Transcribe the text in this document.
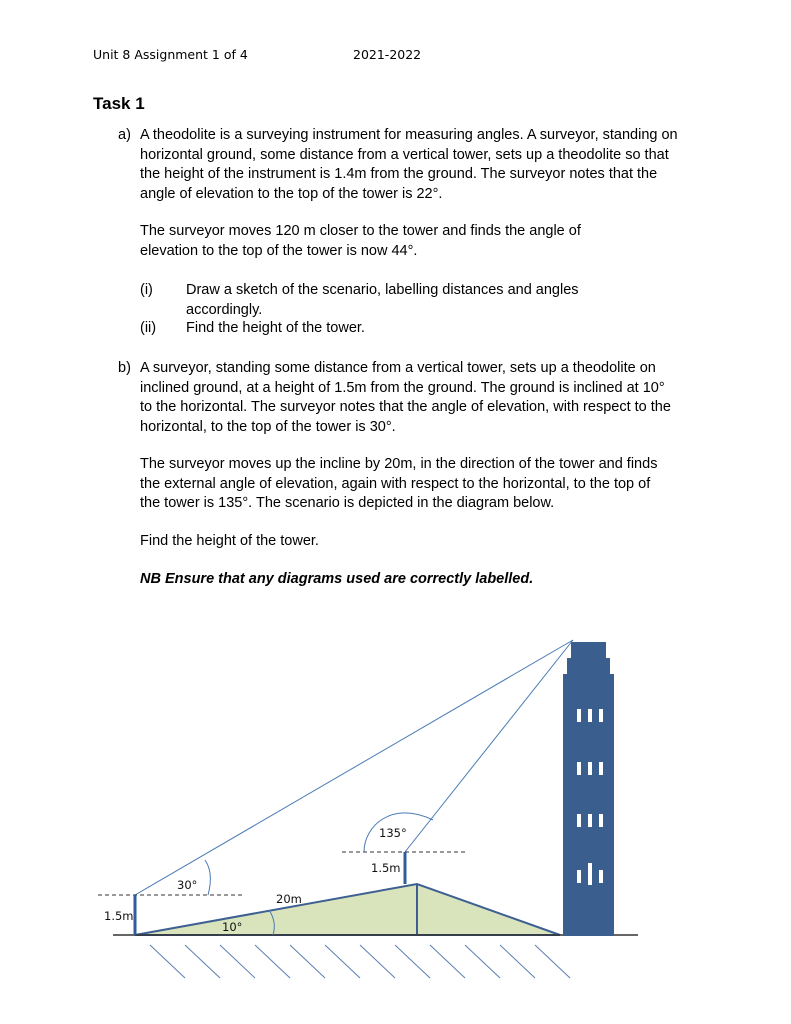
Unit 8 Assignment 1 of 4	2021-2022
Task 1
a) A theodolite is a surveying instrument for measuring angles. A surveyor, standing on horizontal ground, some distance from a vertical tower, sets up a theodolite so that the height of the instrument is 1.4m from the ground. The surveyor notes that the angle of elevation to the top of the tower is 22°.
The surveyor moves 120 m closer to the tower and finds the angle of elevation to the top of the tower is now 44°.
(i) Draw a sketch of the scenario, labelling distances and angles accordingly.
(ii) Find the height of the tower.
b) A surveyor, standing some distance from a vertical tower, sets up a theodolite on inclined ground, at a height of 1.5m from the ground. The ground is inclined at 10° to the horizontal. The surveyor notes that the angle of elevation, with respect to the horizontal, to the top of the tower is 30°.
The surveyor moves up the incline by 20m, in the direction of the tower and finds the external angle of elevation, again with respect to the horizontal, to the top of the tower is 135°. The scenario is depicted in the diagram below.
Find the height of the tower.
NB Ensure that any diagrams used are correctly labelled.
1.5m
30°
10°
20m
1.5m
135°
